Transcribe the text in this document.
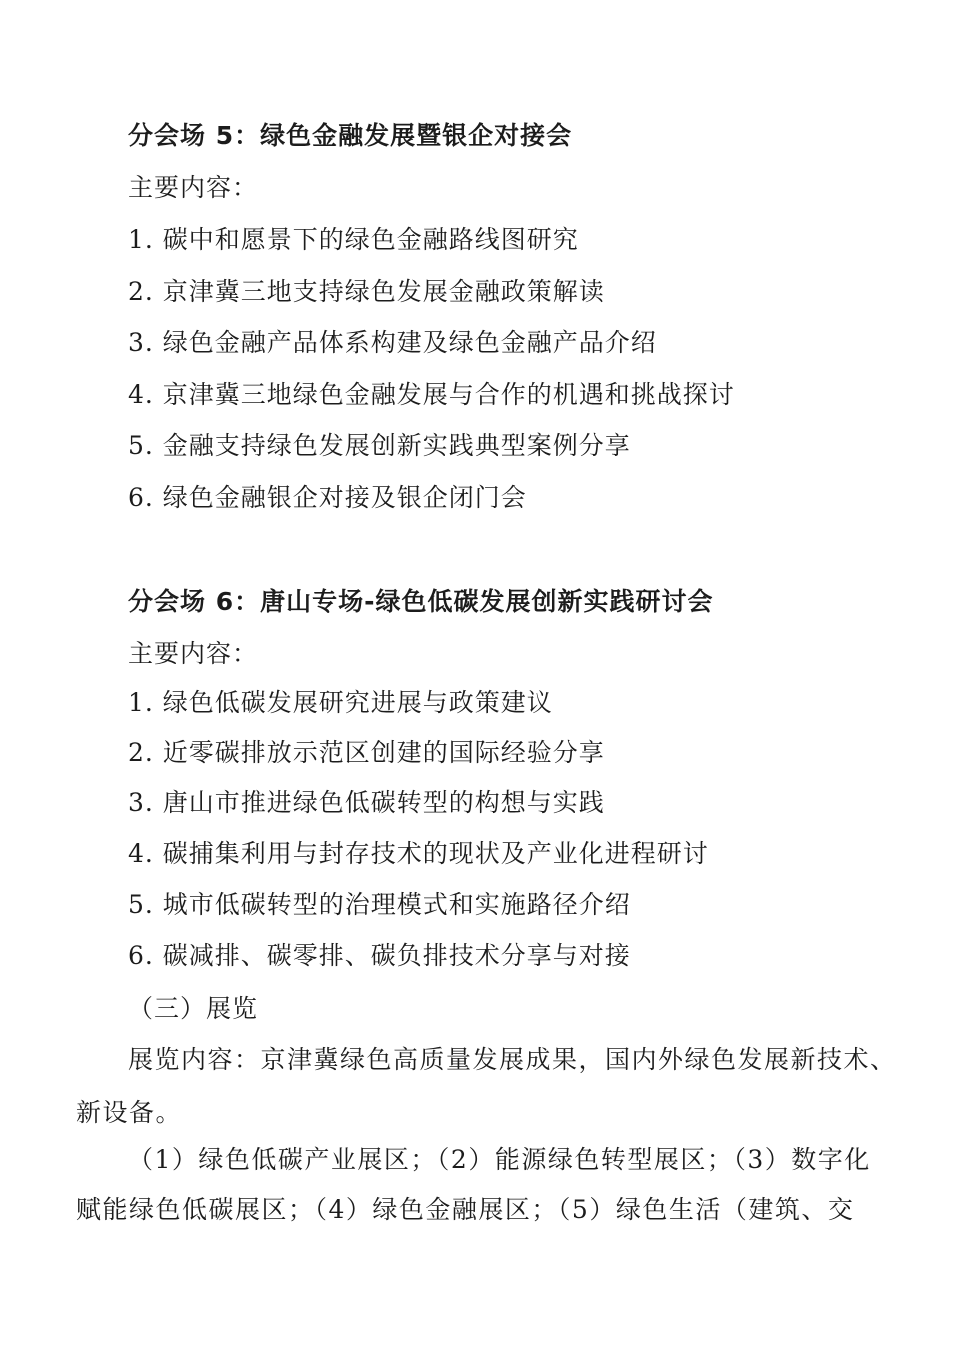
分会场 5：绿色金融发展暨银企对接会
主要内容：
1. 碳中和愿景下的绿色金融路线图研究
2. 京津冀三地支持绿色发展金融政策解读
3. 绿色金融产品体系构建及绿色金融产品介绍
4. 京津冀三地绿色金融发展与合作的机遇和挑战探讨
5. 金融支持绿色发展创新实践典型案例分享
6. 绿色金融银企对接及银企闭门会
分会场 6：唐山专场-绿色低碳发展创新实践研讨会
主要内容：
1. 绿色低碳发展研究进展与政策建议
2. 近零碳排放示范区创建的国际经验分享
3. 唐山市推进绿色低碳转型的构想与实践
4. 碳捕集利用与封存技术的现状及产业化进程研讨
5. 城市低碳转型的治理模式和实施路径介绍
6. 碳减排、碳零排、碳负排技术分享与对接
（三）展览
展览内容：京津冀绿色高质量发展成果，国内外绿色发展新技术、
新设备。
（1）绿色低碳产业展区；（2）能源绿色转型展区；（3）数字化
赋能绿色低碳展区；（4）绿色金融展区；（5）绿色生活（建筑、交
